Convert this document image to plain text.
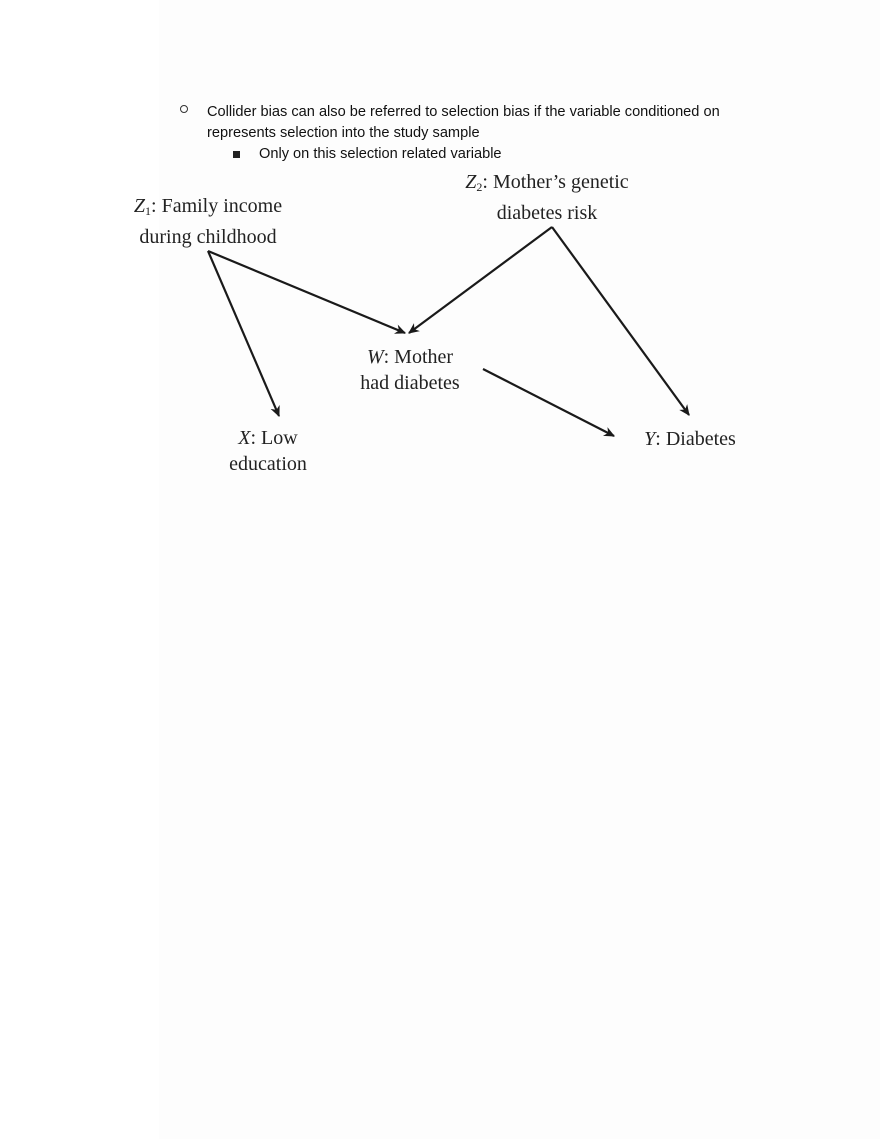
Collider bias can also be referred to selection bias if the variable conditioned on
represents selection into the study sample
Only on this selection related variable
$Z_1$: Family income
during childhood
$Z_2$: Mother’s genetic
diabetes risk
W: Mother
had diabetes
X: Low
education
Y: Diabetes
